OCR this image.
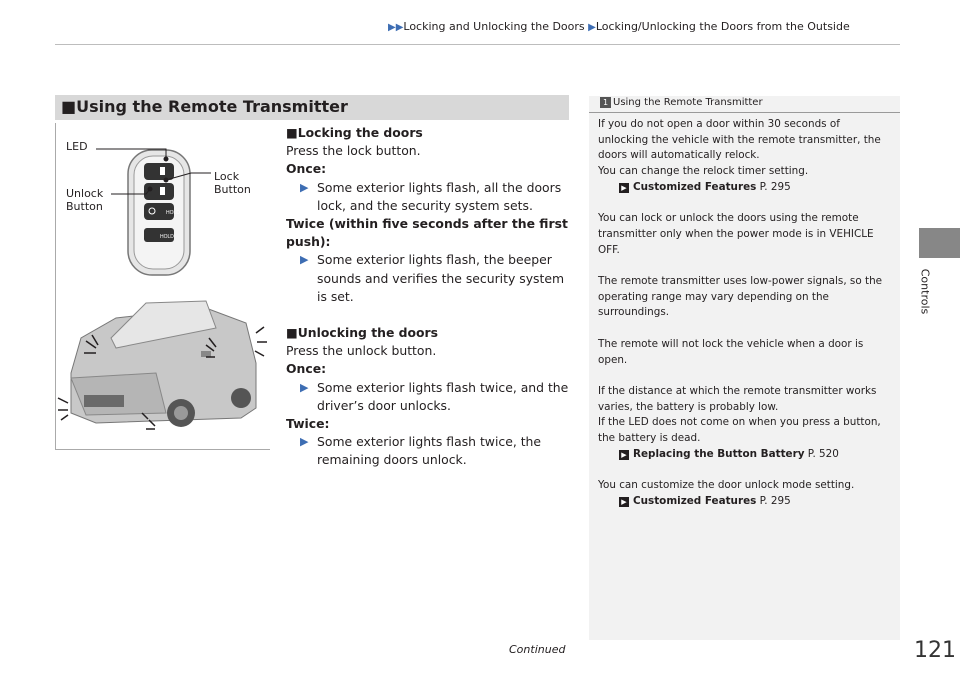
▶▶Locking and Unlocking the Doors ▶Locking/Unlocking the Doors from the Outside
Controls
■Using the Remote Transmitter
HOLD
HOLD
LED
Lock
Button
Unlock
Button

■Locking the doors

Press the lock button.

Once:

▶ Some exterior lights flash, all the doors lock, and the security system sets.

Twice (within five seconds after the first push):

▶ Some exterior lights flash, the beeper sounds and verifies the security system is set.

■Unlocking the doors

Press the unlock button.

Once:

▶ Some exterior lights flash twice, and the driver’s door unlocks.

Twice:

▶ Some exterior lights flash twice, the remaining doors unlock.

1 Using the Remote Transmitter

If you do not open a door within 30 seconds of unlocking the vehicle with the remote transmitter, the doors will automatically relock.

You can change the relock timer setting.

▶ Customized Features P. 295

You can lock or unlock the doors using the remote transmitter only when the power mode is in VEHICLE OFF.

The remote transmitter uses low-power signals, so the operating range may vary depending on the surroundings.

The remote will not lock the vehicle when a door is open.

If the distance at which the remote transmitter works varies, the battery is probably low.

If the LED does not come on when you press a button, the battery is dead.

▶ Replacing the Button Battery P. 520

You can customize the door unlock mode setting.

▶ Customized Features P. 295

Continued	121
